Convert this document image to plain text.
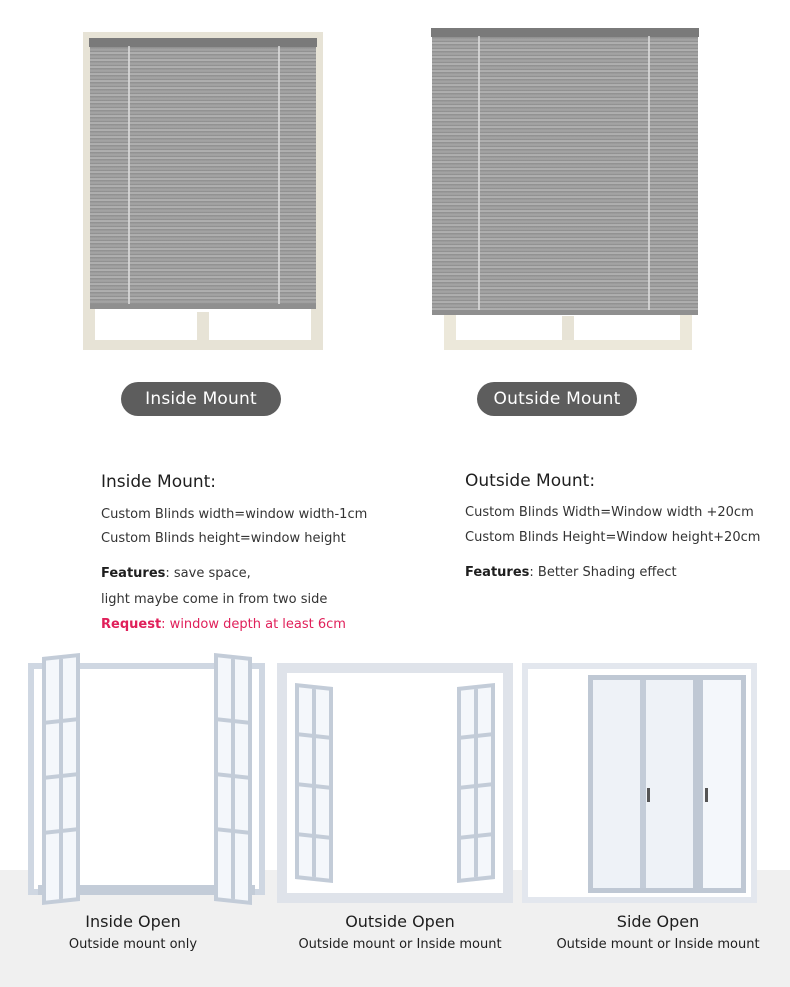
Inside Mount	Outside Mount
Inside Mount:
Custom Blinds width=window width-1cm
Custom Blinds height=window height
Features: save space,
light maybe come in from two side
Request: window depth at least 6cm
Outside Mount:
Custom Blinds Width=Window width +20cm
Custom Blinds Height=Window height+20cm
Features: Better Shading effect
Inside Open
Outside mount only
Outside Open
Outside mount or Inside mount
Side Open
Outside mount or Inside mount
